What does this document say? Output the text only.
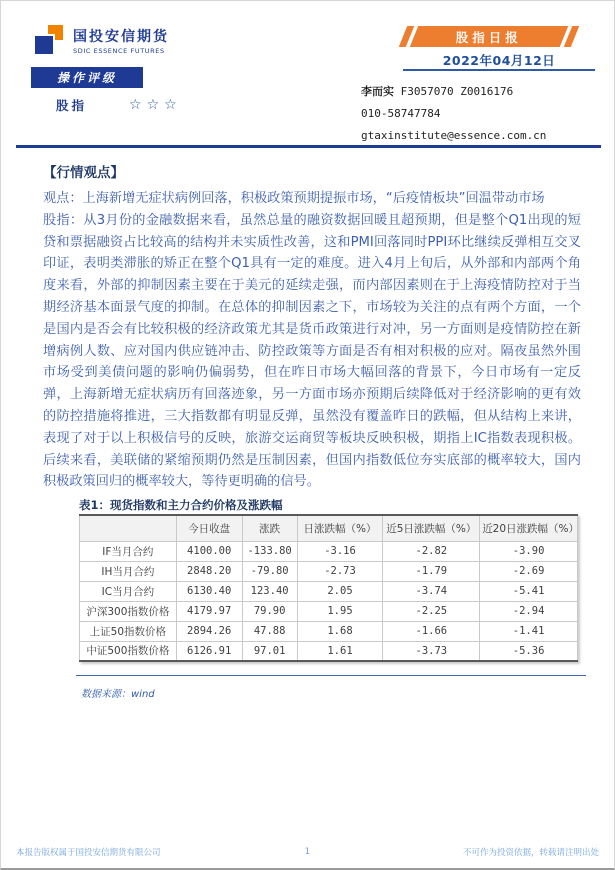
国投安信期货
SDIC ESSENCE FUTURES
操作评级
股指	☆☆☆
股指日报
2022年04月12日
李而实 F3057070 Z0016176
010-58747784
gtaxinstitute@essence.com.cn
【行情观点】
观点：上海新增无症状病例回落，积极政策预期提振市场，“后疫情板块”回温带动市场
股指：从3月份的金融数据来看，虽然总量的融资数据回暖且超预期，但是整个Q1出现的短贷和票据融资占比较高的结构并未实质性改善，这和PMI回落同时PPI环比继续反弹相互交叉印证，表明类滞胀的矫正在整个Q1具有一定的难度。进入4月上旬后，从外部和内部两个角度来看，外部的抑制因素主要在于美元的延续走强，而内部因素则在于上海疫情防控对于当期经济基本面景气度的抑制。在总体的抑制因素之下，市场较为关注的点有两个方面，一个是国内是否会有比较积极的经济政策尤其是货币政策进行对冲，另一方面则是疫情防控在新增病例人数、应对国内供应链冲击、防控政策等方面是否有相对积极的应对。隔夜虽然外围市场受到美债问题的影响仍偏弱势，但在昨日市场大幅回落的背景下，今日市场有一定反弹，上海新增无症状病历有回落迹象，另一方面市场亦预期后续降低对于经济影响的更有效的防控措施将推进，三大指数都有明显反弹，虽然没有覆盖昨日的跌幅，但从结构上来讲，表现了对于以上积极信号的反映，旅游交运商贸等板块反映积极，期指上IC指数表现积极。后续来看，美联储的紧缩预期仍然是压制因素，但国内指数低位夯实底部的概率较大，国内积极政策回归的概率较大，等待更明确的信号。
表1：现货指数和主力合约价格及涨跌幅
	今日收盘	涨跌	日涨跌幅（%）	近5日涨跌幅（%）	近20日涨跌幅（%）
IF当月合约	4100.00	-133.80	-3.16	-2.82	-3.90
IH当月合约	2848.20	-79.80	-2.73	-1.79	-2.69
IC当月合约	6130.40	123.40	2.05	-3.74	-5.41
沪深300指数价格	4179.97	79.90	1.95	-2.25	-2.94
上证50指数价格	2894.26	47.88	1.68	-1.66	-1.41
中证500指数价格	6126.91	97.01	1.61	-3.73	-5.36
数据来源：wind
本报告版权属于国投安信期货有限公司	1	不可作为投资依据，转载请注明出处
